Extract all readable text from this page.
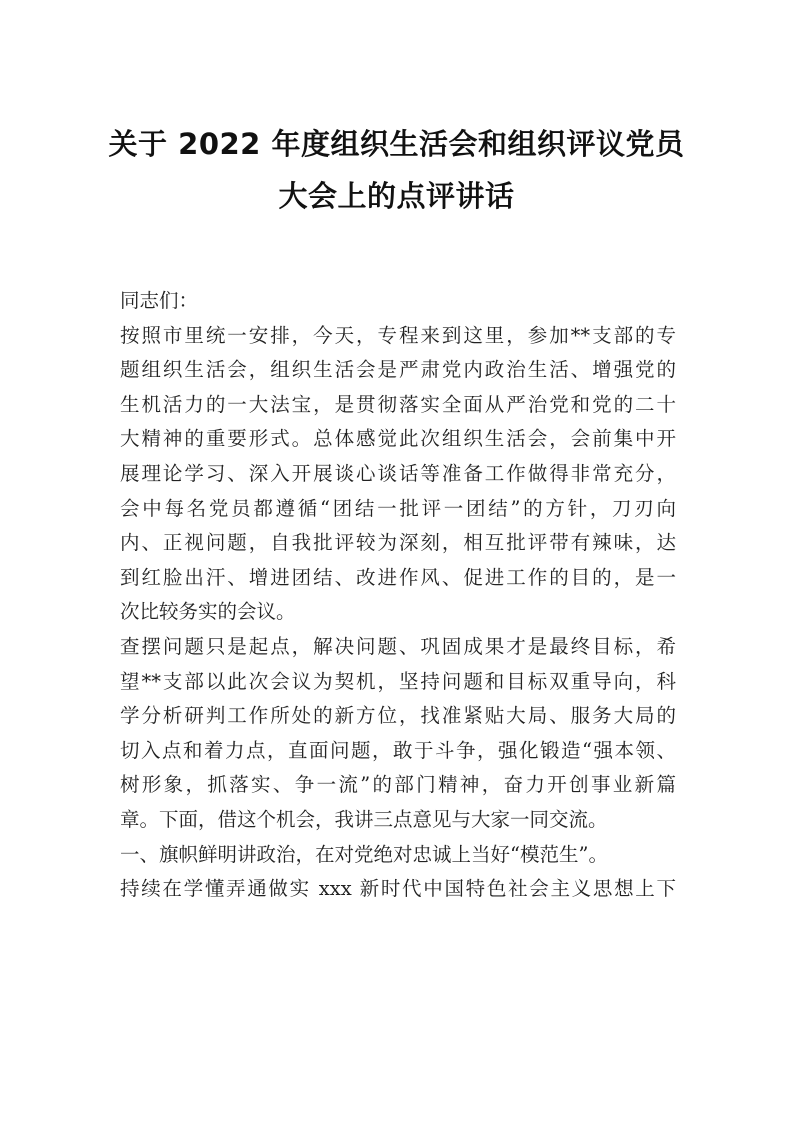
关于 2022 年度组织生活会和组织评议党员
大会上的点评讲话
同志们：
按照市里统一安排，今天，专程来到这里，参加**支部的专
题组织生活会，组织生活会是严肃党内政治生活、增强党的
生机活力的一大法宝，是贯彻落实全面从严治党和党的二十
大精神的重要形式。总体感觉此次组织生活会，会前集中开
展理论学习、深入开展谈心谈话等准备工作做得非常充分，
会中每名党员都遵循“团结一批评一团结”的方针，刀刃向
内、正视问题，自我批评较为深刻，相互批评带有辣味，达
到红脸出汗、增进团结、改进作风、促进工作的目的，是一
次比较务实的会议。
查摆问题只是起点，解决问题、巩固成果才是最终目标，希
望**支部以此次会议为契机，坚持问题和目标双重导向，科
学分析研判工作所处的新方位，找准紧贴大局、服务大局的
切入点和着力点，直面问题，敢于斗争，强化锻造“强本领、
树形象，抓落实、争一流”的部门精神，奋力开创事业新篇
章。下面，借这个机会，我讲三点意见与大家一同交流。
一、旗帜鲜明讲政治，在对党绝对忠诚上当好“模范生”。
持续在学懂弄通做实 xxx 新时代中国特色社会主义思想上下
